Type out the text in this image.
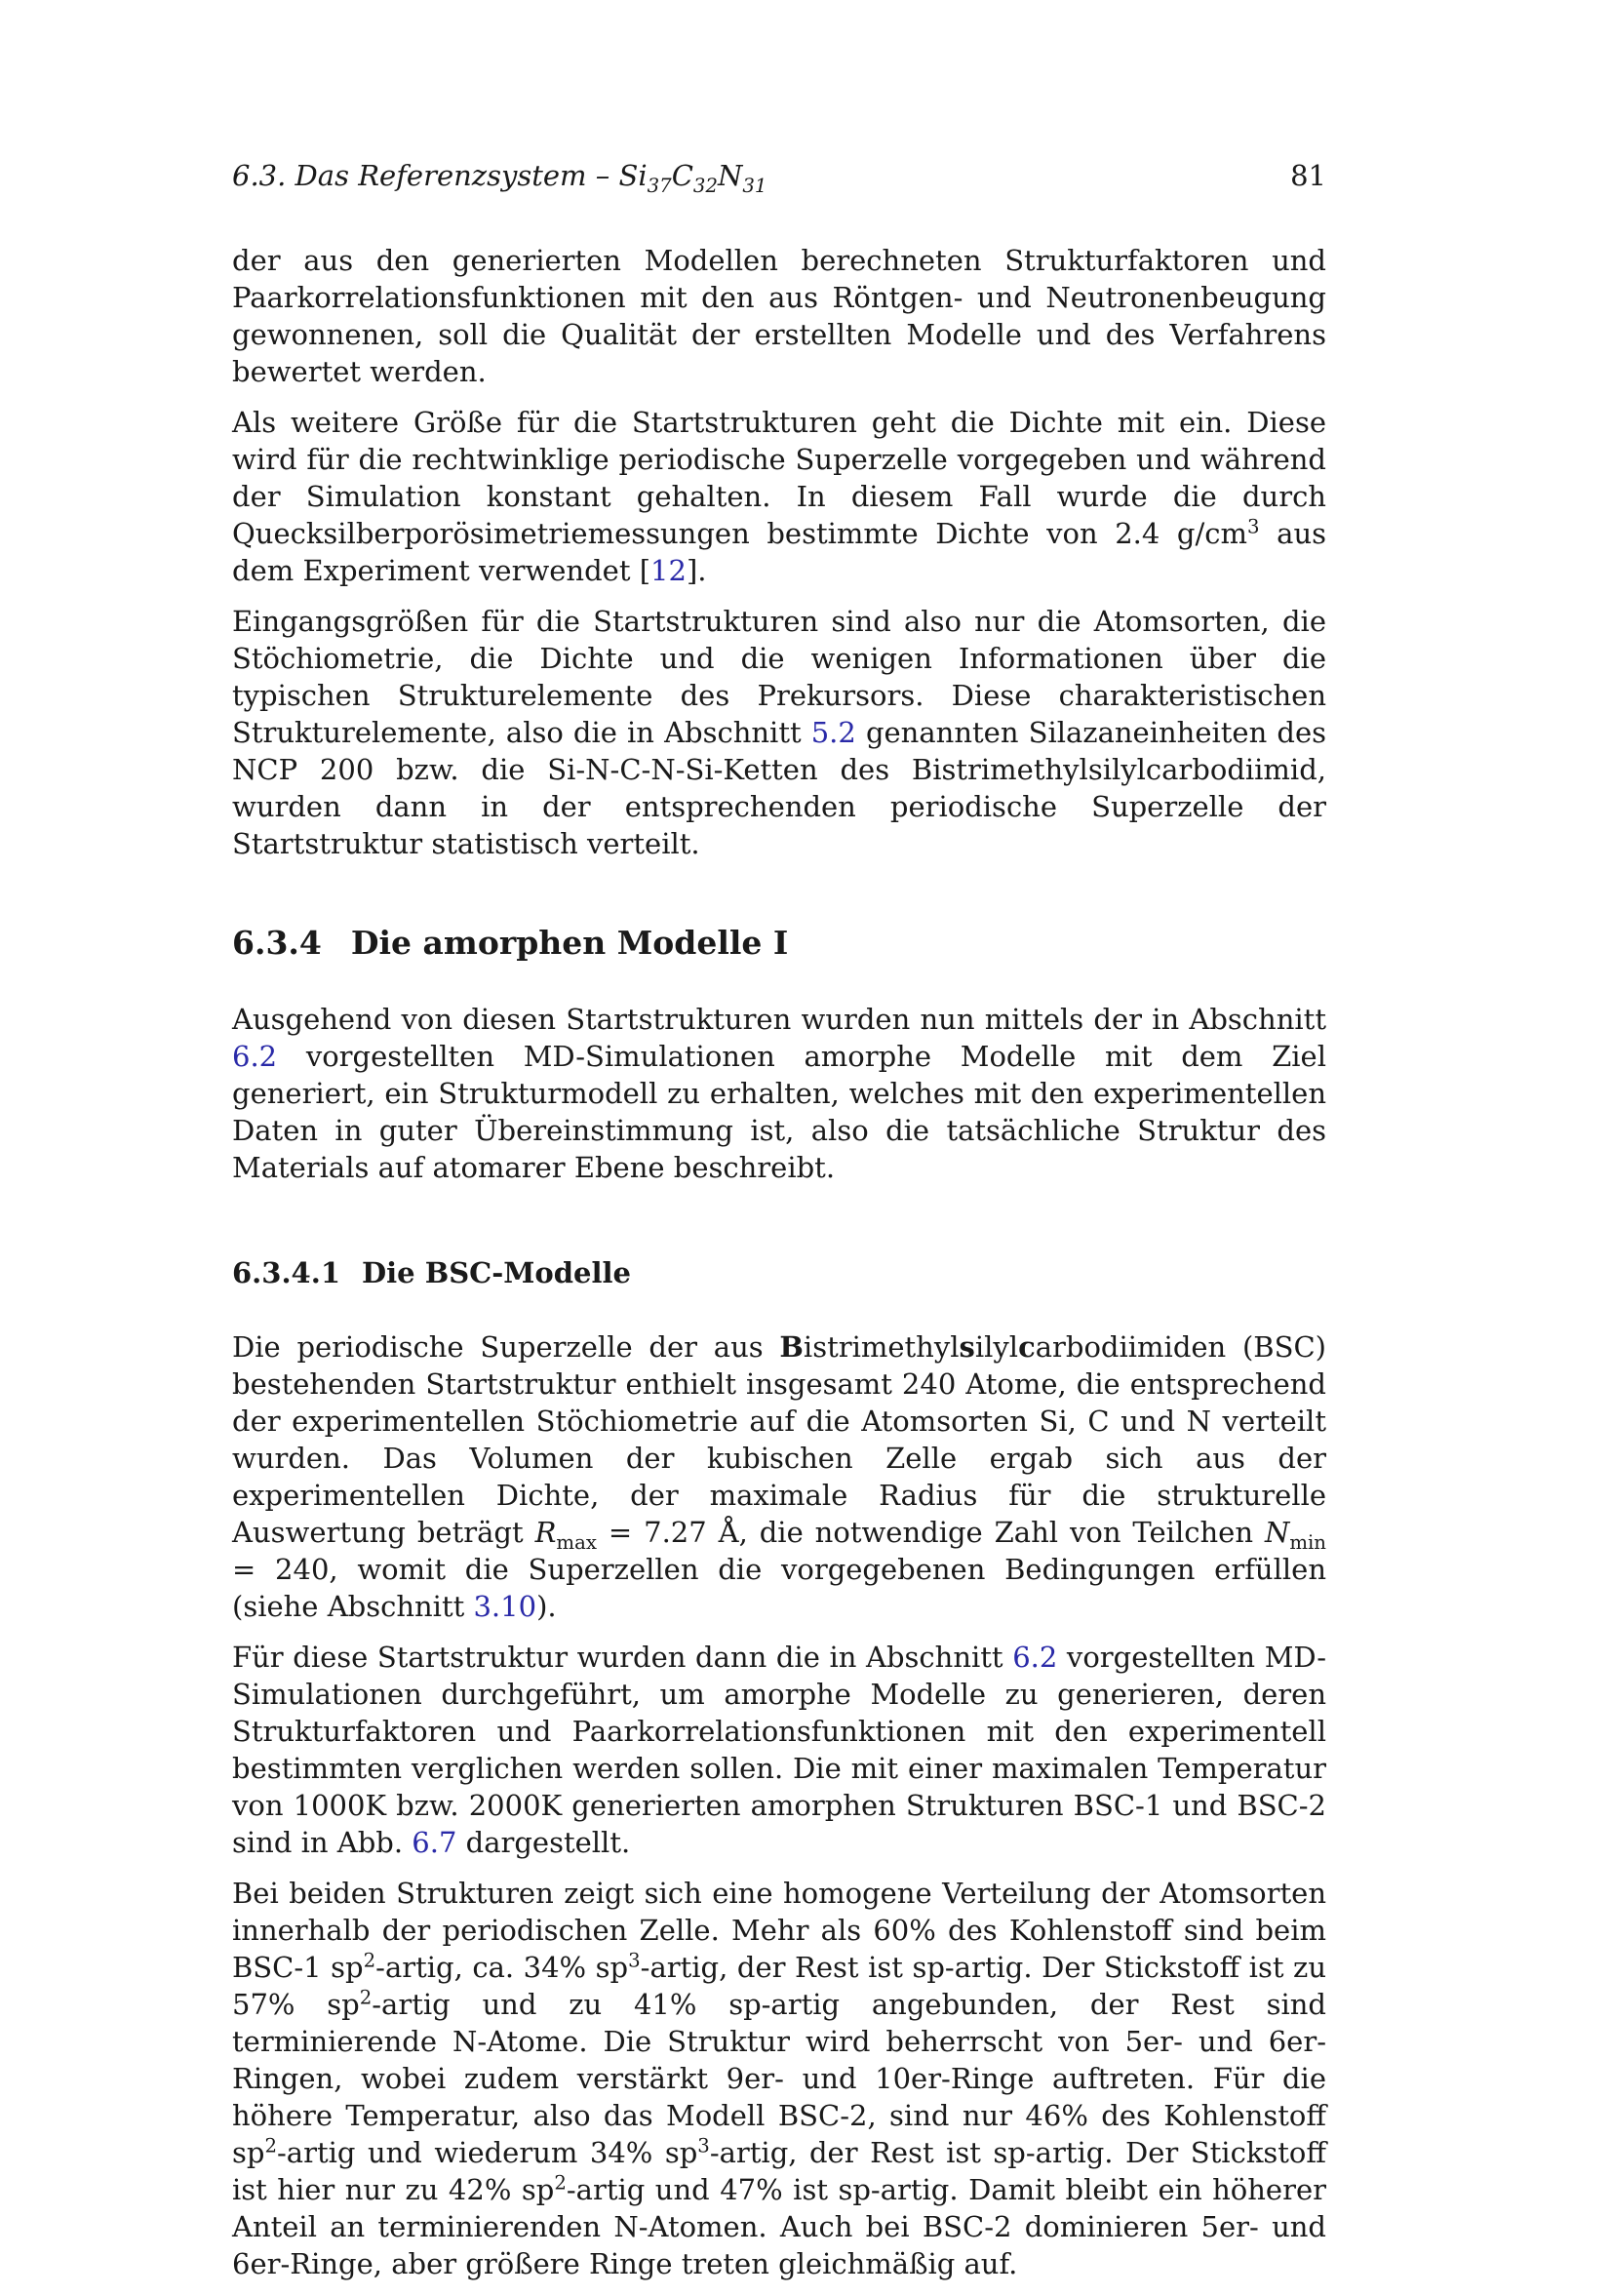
6.3. Das Referenzsystem – $Si_{37}C_{32}N_{31}$	81

der aus den generierten Modellen berechneten Strukturfaktoren und Paarkorrelationsfunktionen mit den aus Röntgen- und Neutronenbeugung gewonnenen, soll die Qualität der erstellten Modelle und des Verfahrens bewertet werden.

Als weitere Größe für die Startstrukturen geht die Dichte mit ein. Diese wird für die rechtwinklige periodische Superzelle vorgegeben und während der Simulation konstant gehalten. In diesem Fall wurde die durch Quecksilberporösimetriemessungen bestimmte Dichte von 2.4 $g/cm^3$ aus dem Experiment verwendet [12].

Eingangsgrößen für die Startstrukturen sind also nur die Atomsorten, die Stöchiometrie, die Dichte und die wenigen Informationen über die typischen Strukturelemente des Prekursors. Diese charakteristischen Strukturelemente, also die in Abschnitt 5.2 genannten Silazaneinheiten des NCP 200 bzw. die Si-N-C-N-Si-Ketten des Bistrimethylsilylcarbodiimid, wurden dann in der entsprechenden periodische Superzelle der Startstruktur statistisch verteilt.

6.3.4 Die amorphen Modelle I

Ausgehend von diesen Startstrukturen wurden nun mittels der in Abschnitt 6.2 vorgestellten MD-Simulationen amorphe Modelle mit dem Ziel generiert, ein Strukturmodell zu erhalten, welches mit den experimentellen Daten in guter Übereinstimmung ist, also die tatsächliche Struktur des Materials auf atomarer Ebene beschreibt.

6.3.4.1 Die BSC-Modelle

Die periodische Superzelle der aus Bistrimethylsilylcarbodiimiden (BSC) bestehenden Startstruktur enthielt insgesamt 240 Atome, die entsprechend der experimentellen Stöchiometrie auf die Atomsorten Si, C und N verteilt wurden. Das Volumen der kubischen Zelle ergab sich aus der experimentellen Dichte, der maximale Radius für die strukturelle Auswertung beträgt $R_{max} = 7.27$ Å, die notwendige Zahl von Teilchen $N_{min} = 240$, womit die Superzellen die vorgegebenen Bedingungen erfüllen (siehe Abschnitt 3.10).

Für diese Startstruktur wurden dann die in Abschnitt 6.2 vorgestellten MD-Simulationen durchgeführt, um amorphe Modelle zu generieren, deren Strukturfaktoren und Paarkorrelationsfunktionen mit den experimentell bestimmten verglichen werden sollen. Die mit einer maximalen Temperatur von 1000K bzw. 2000K generierten amorphen Strukturen BSC-1 und BSC-2 sind in Abb. 6.7 dargestellt.

Bei beiden Strukturen zeigt sich eine homogene Verteilung der Atomsorten innerhalb der periodischen Zelle. Mehr als 60% des Kohlenstoff sind beim BSC-1 $sp^2$-artig, ca. 34% $sp^3$-artig, der Rest ist sp-artig. Der Stickstoff ist zu 57% $sp^2$-artig und zu 41% sp-artig angebunden, der Rest sind terminierende N-Atome. Die Struktur wird beherrscht von 5er- und 6er-Ringen, wobei zudem verstärkt 9er- und 10er-Ringe auftreten. Für die höhere Temperatur, also das Modell BSC-2, sind nur 46% des Kohlenstoff $sp^2$-artig und wiederum 34% $sp^3$-artig, der Rest ist sp-artig. Der Stickstoff ist hier nur zu 42% $sp^2$-artig und 47% ist sp-artig. Damit bleibt ein höherer Anteil an terminierenden N-Atomen. Auch bei BSC-2 dominieren 5er- und 6er-Ringe, aber größere Ringe treten gleichmäßig auf.
